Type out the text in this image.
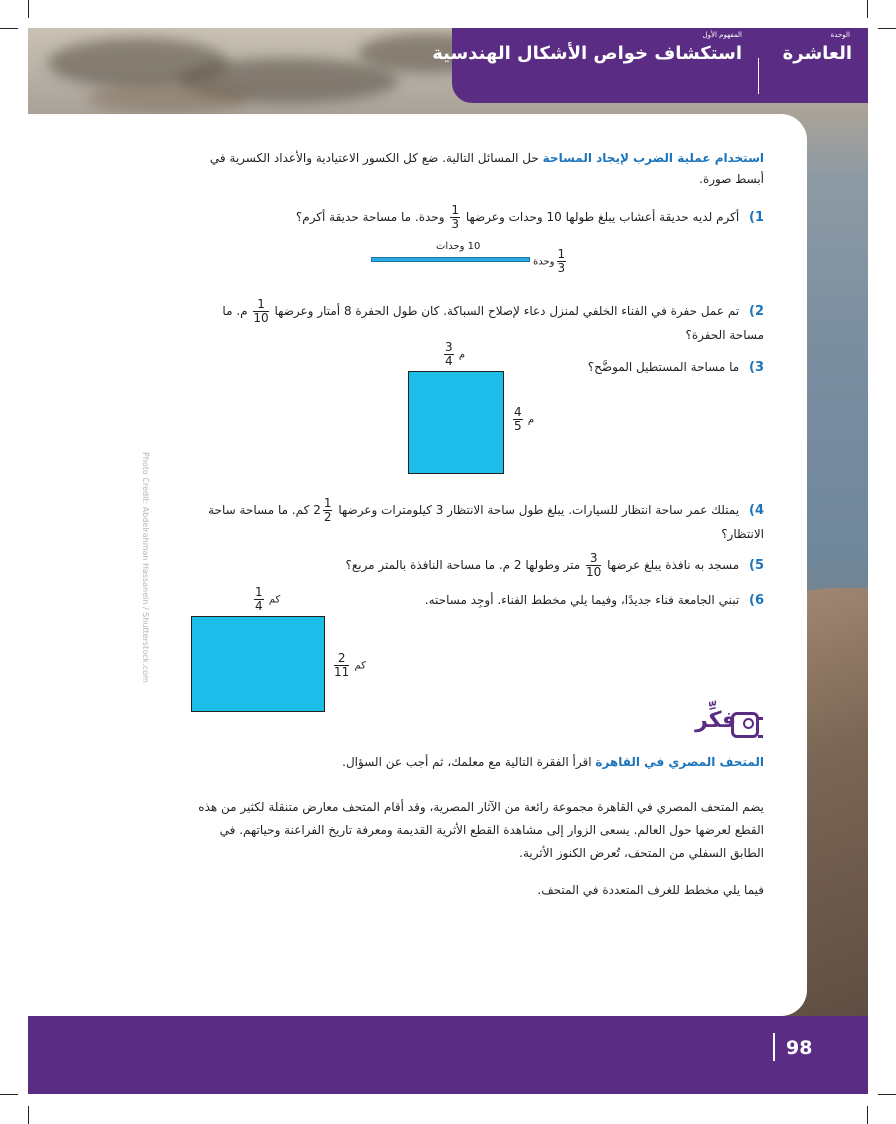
الوحدة
العاشرة
المفهوم الأول
استكشاف خواص الأشكال الهندسية
Photo Credit: Abdelrahman Hassanein / Shutterstock.com
استخدام عملية الضرب لإيجاد المساحة حل المسائل التالية. ضع كل الكسور الاعتيادية والأعداد الكسرية في أبسط صورة.
1) أكرم لديه حديقة أعشاب يبلغ طولها 10 وحدات وعرضها
$\frac{1}{3}$
وحدة. ما مساحة حديقة أكرم؟
10 وحدات
$\frac{1}{3}$
وحدة
2) تم عمل حفرة في الفناء الخلفي لمنزل دعاء لإصلاح السباكة. كان طول الحفرة 8 أمتار وعرضها
$\frac{1}{10}$
م. ما مساحة الحفرة؟
3) ما مساحة المستطيل الموضَّح؟
م
$\frac{3}{4}$
م
$\frac{4}{5}$
4) يمتلك عمر ساحة انتظار للسيارات. يبلغ طول ساحة الانتظار 3 كيلومترات وعرضها
$\frac{1}{2}$
2 كم. ما مساحة ساحة الانتظار؟
5) مسجد به نافذة يبلغ عرضها
$\frac{3}{10}$
متر وطولها 2 م. ما مساحة النافذة بالمتر مربع؟
6) تبني الجامعة فناء جديدًا، وفيما يلي مخطط الفناء. أوجِد مساحته.
كم
$\frac{1}{4}$
كم
$\frac{2}{11}$
فكِّر
المتحف المصري في القاهرة اقرأ الفقرة التالية مع معلمك، ثم أجب عن السؤال.
يضم المتحف المصري في القاهرة مجموعة رائعة من الآثار المصرية، وقد أقام المتحف معارض متنقلة لكثير من هذه القطع لعرضها حول العالم. يسعى الزوار إلى مشاهدة القطع الأثرية القديمة ومعرفة تاريخ الفراعنة وحياتهم. في الطابق السفلي من المتحف، تُعرض الكنوز الأثرية.
فيما يلي مخطط للغرف المتعددة في المتحف.
98
